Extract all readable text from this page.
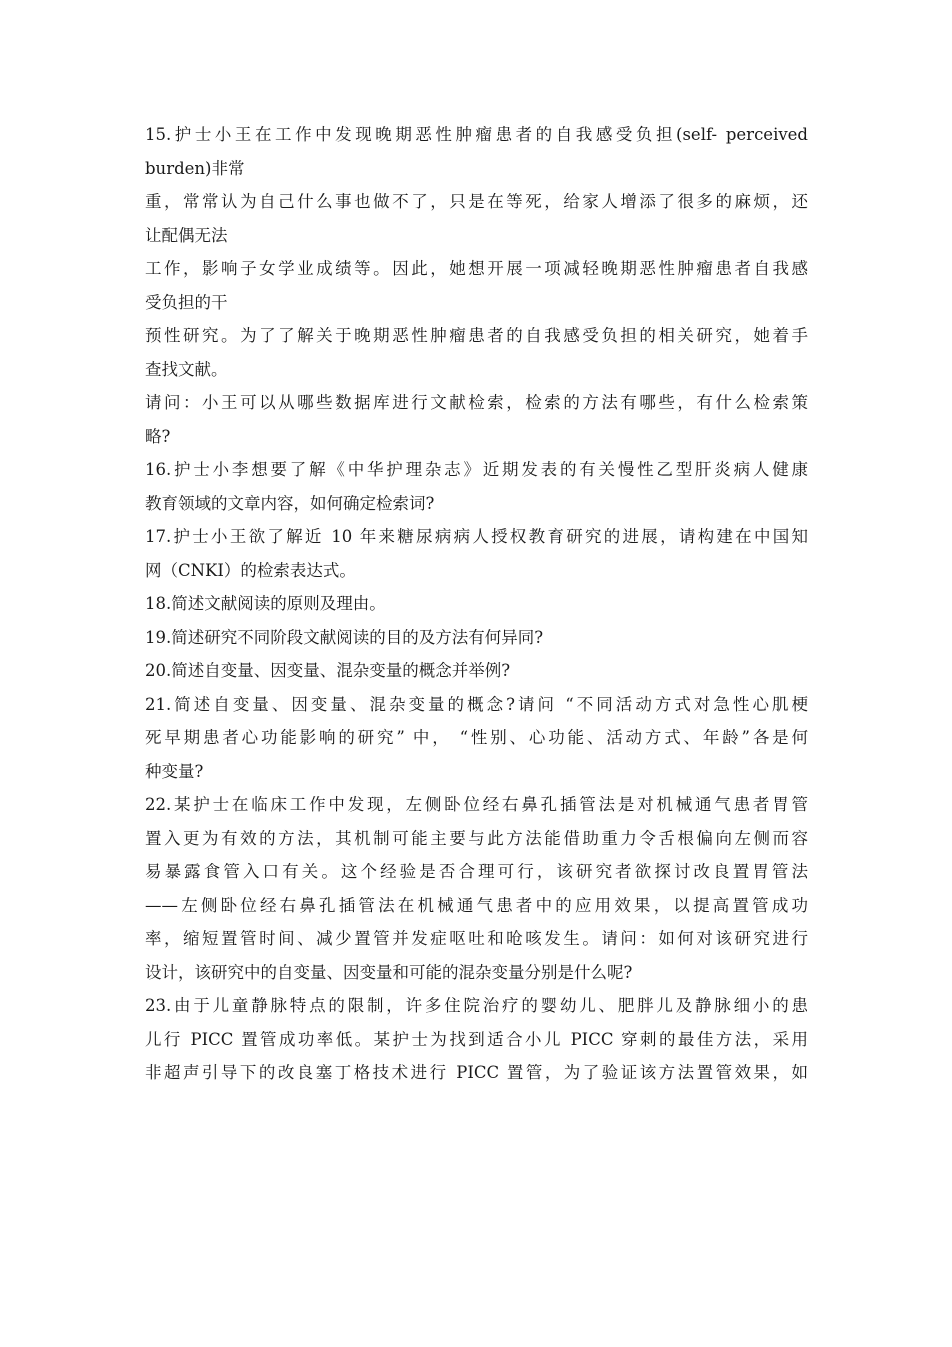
15.护士小王在工作中发现晚期恶性肿瘤患者的自我感受负担(self- perceived
burden)非常
重，常常认为自己什么事也做不了，只是在等死，给家人增添了很多的麻烦，还
让配偶无法
工作，影响子女学业成绩等。因此，她想开展一项减轻晚期恶性肿瘤患者自我感
受负担的干
预性研究。为了了解关于晚期恶性肿瘤患者的自我感受负担的相关研究，她着手
查找文献。
请问：小王可以从哪些数据库进行文献检索，检索的方法有哪些，有什么检索策
略?
16.护士小李想要了解《中华护理杂志》近期发表的有关慢性乙型肝炎病人健康
教育领域的文章内容，如何确定检索词?
17.护士小王欲了解近 10 年来糖尿病病人授权教育研究的进展，请构建在中国知
网（CNKI）的检索表达式。
18.简述文献阅读的原则及理由。
19.简述研究不同阶段文献阅读的目的及方法有何异同?
20.简述自变量、因变量、混杂变量的概念并举例?
21.简述自变量、因变量、混杂变量的概念?请问 “不同活动方式对急性心肌梗
死早期患者心功能影响的研究” 中， “性别、心功能、活动方式、年龄”各是何
种变量?
22.某护士在临床工作中发现，左侧卧位经右鼻孔插管法是对机械通气患者胃管
置入更为有效的方法，其机制可能主要与此方法能借助重力令舌根偏向左侧而容
易暴露食管入口有关。这个经验是否合理可行，该研究者欲探讨改良置胃管法
——左侧卧位经右鼻孔插管法在机械通气患者中的应用效果，以提高置管成功
率，缩短置管时间、减少置管并发症呕吐和呛咳发生。请问：如何对该研究进行
设计，该研究中的自变量、因变量和可能的混杂变量分别是什么呢?
23.由于儿童静脉特点的限制，许多住院治疗的婴幼儿、肥胖儿及静脉细小的患
儿行 PICC 置管成功率低。某护士为找到适合小儿 PICC 穿刺的最佳方法，采用
非超声引导下的改良塞丁格技术进行 PICC 置管，为了验证该方法置管效果，如
